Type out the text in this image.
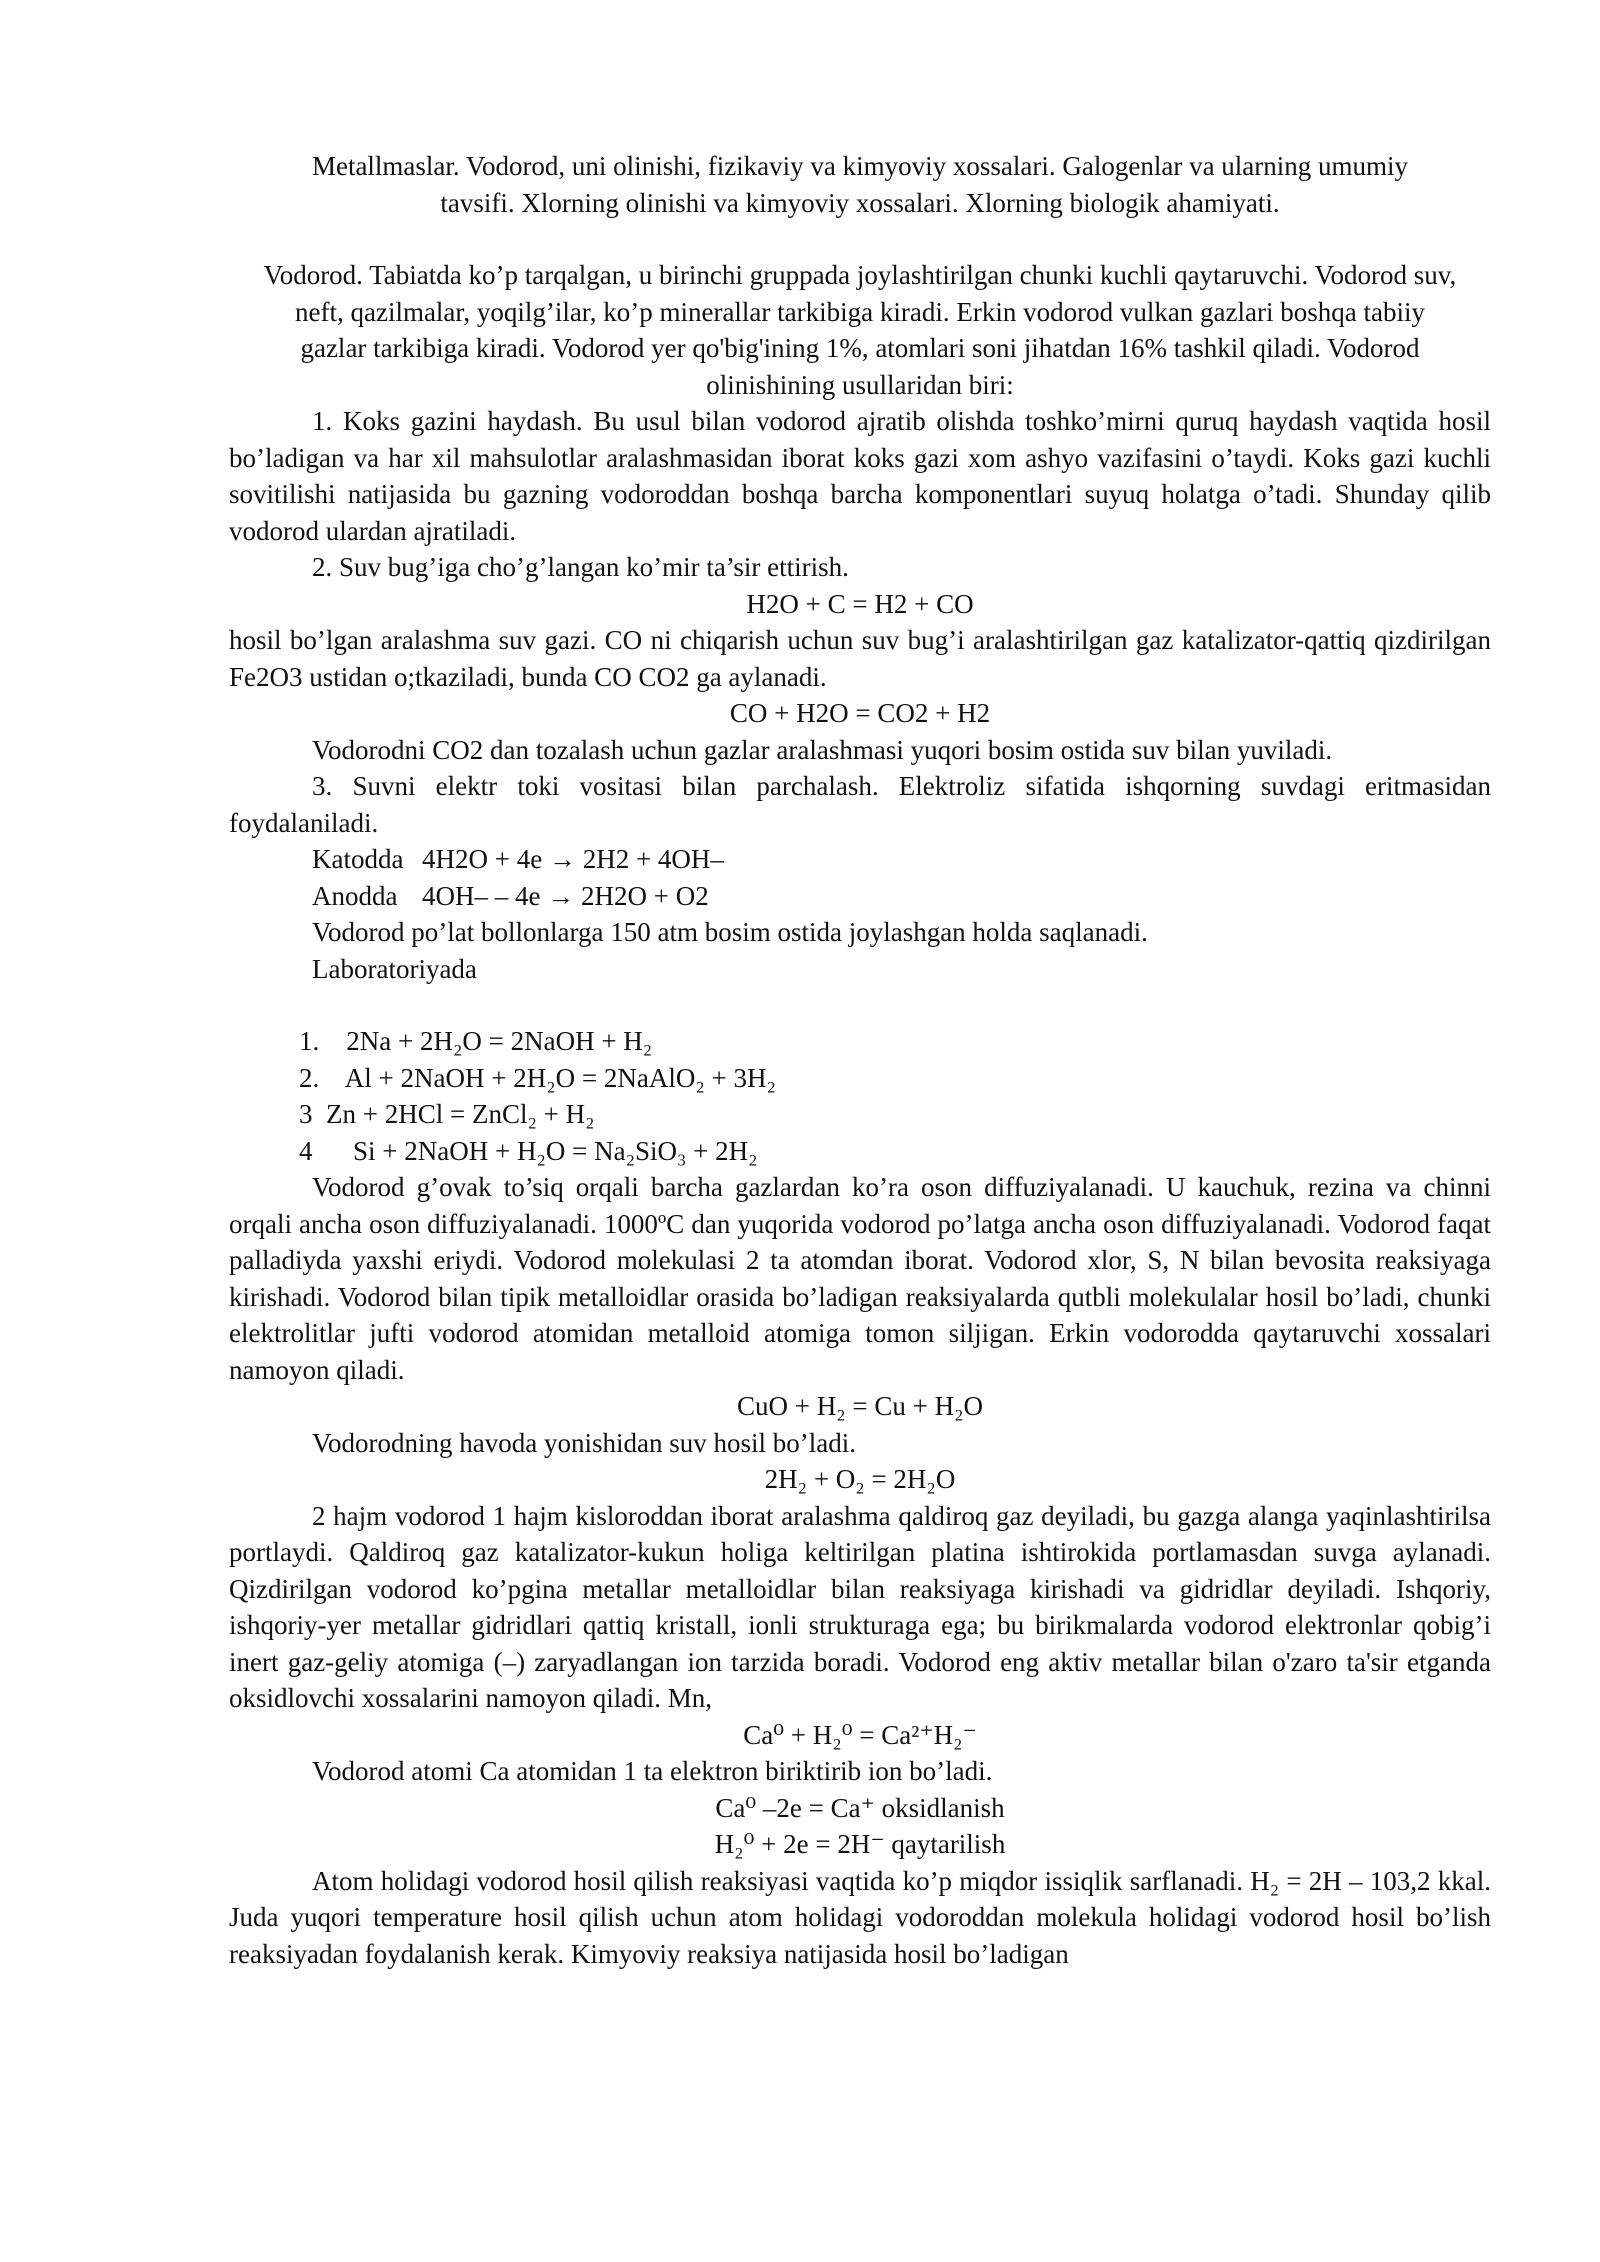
Metallmaslar. Vodorod, uni olinishi, fizikaviy va kimyoviy xossalari. Galogenlar va ularning umumiy tavsifi. Xlorning olinishi va kimyoviy xossalari. Xlorning biologik ahamiyati.
Vodorod. Tabiatda ko’p tarqalgan, u birinchi gruppada joylashtirilgan chunki kuchli qaytaruvchi. Vodorod suv, neft, qazilmalar, yoqilg’ilar, ko’p minerallar tarkibiga kiradi. Erkin vodorod vulkan gazlari boshqa tabiiy gazlar tarkibiga kiradi. Vodorod yer qo'big'ining 1%, atomlari soni jihatdan 16% tashkil qiladi. Vodorod olinishining usullaridan biri:
1. Koks gazini haydash. Bu usul bilan vodorod ajratib olishda toshko’mirni quruq haydash vaqtida hosil bo’ladigan va har xil mahsulotlar aralashmasidan iborat koks gazi xom ashyo vazifasini o’taydi. Koks gazi kuchli sovitilishi natijasida bu gazning vodoroddan boshqa barcha komponentlari suyuq holatga o’tadi. Shunday qilib vodorod ulardan ajratiladi.
2. Suv bug’iga cho’g’langan ko’mir ta’sir ettirish.
H2O + C = H2 + CO
hosil bo’lgan aralashma suv gazi. CO ni chiqarish uchun suv bug’i aralashtirilgan gaz katalizator-qattiq qizdirilgan Fe2O3 ustidan o;tkaziladi, bunda CO CO2 ga aylanadi.
CO + H2O = CO2 + H2
Vodorodni CO2 dan tozalash uchun gazlar aralashmasi yuqori bosim ostida suv bilan yuviladi.
3. Suvni elektr toki vositasi bilan parchalash. Elektroliz sifatida ishqorning suvdagi eritmasidan foydalaniladi.
Katodda 4H2O + 4e → 2H2 + 4OH–
Anodda 4OH– – 4e → 2H2O + O2
Vodorod po’lat bollonlarga 150 atm bosim ostida joylashgan holda saqlanadi.
Laboratoriyada
1. 2Na + 2H₂O = 2NaOH + H₂
2. Al + 2NaOH + 2H₂O = 2NaAlO₂ + 3H₂
3 Zn + 2HCl = ZnCl₂ + H₂
4 Si + 2NaOH + H₂O = Na₂SiO₃ + 2H₂
Vodorod g’ovak to’siq orqali barcha gazlardan ko’ra oson diffuziyalanadi. U kauchuk, rezina va chinni orqali ancha oson diffuziyalanadi. 1000ºC dan yuqorida vodorod po’latga ancha oson diffuziyalanadi. Vodorod faqat palladiyda yaxshi eriydi. Vodorod molekulasi 2 ta atomdan iborat. Vodorod xlor, S, N bilan bevosita reaksiyaga kirishadi. Vodorod bilan tipik metalloidlar orasida bo’ladigan reaksiyalarda qutbli molekulalar hosil bo’ladi, chunki elektrolitlar jufti vodorod atomidan metalloid atomiga tomon siljigan. Erkin vodorodda qaytaruvchi xossalari namoyon qiladi.
CuO + H₂ = Cu + H₂O
Vodorodning havoda yonishidan suv hosil bo’ladi.
2H₂ + O₂ = 2H₂O
2 hajm vodorod 1 hajm kisloroddan iborat aralashma qaldiroq gaz deyiladi, bu gazga alanga yaqinlashtirilsa portlaydi. Qaldiroq gaz katalizator-kukun holiga keltirilgan platina ishtirokida portlamasdan suvga aylanadi. Qizdirilgan vodorod ko’pgina metallar metalloidlar bilan reaksiyaga kirishadi va gidridlar deyiladi. Ishqoriy, ishqoriy-yer metallar gidridlari qattiq kristall, ionli strukturaga ega; bu birikmalarda vodorod elektronlar qobig’i inert gaz-geliy atomiga (–) zaryadlangan ion tarzida boradi. Vodorod eng aktiv metallar bilan o'zaro ta'sir etganda oksidlovchi xossalarini namoyon qiladi. Mn,
Ca⁰ + H₂⁰ = Ca²⁺H₂⁻
Vodorod atomi Ca atomidan 1 ta elektron biriktirib ion bo’ladi.
Ca⁰ –2e = Ca⁺ oksidlanish
H₂⁰ + 2e = 2H⁻ qaytarilish
Atom holidagi vodorod hosil qilish reaksiyasi vaqtida ko’p miqdor issiqlik sarflanadi. H₂ = 2H – 103,2 kkal. Juda yuqori temperature hosil qilish uchun atom holidagi vodoroddan molekula holidagi vodorod hosil bo’lish reaksiyadan foydalanish kerak. Kimyoviy reaksiya natijasida hosil bo’ladigan
